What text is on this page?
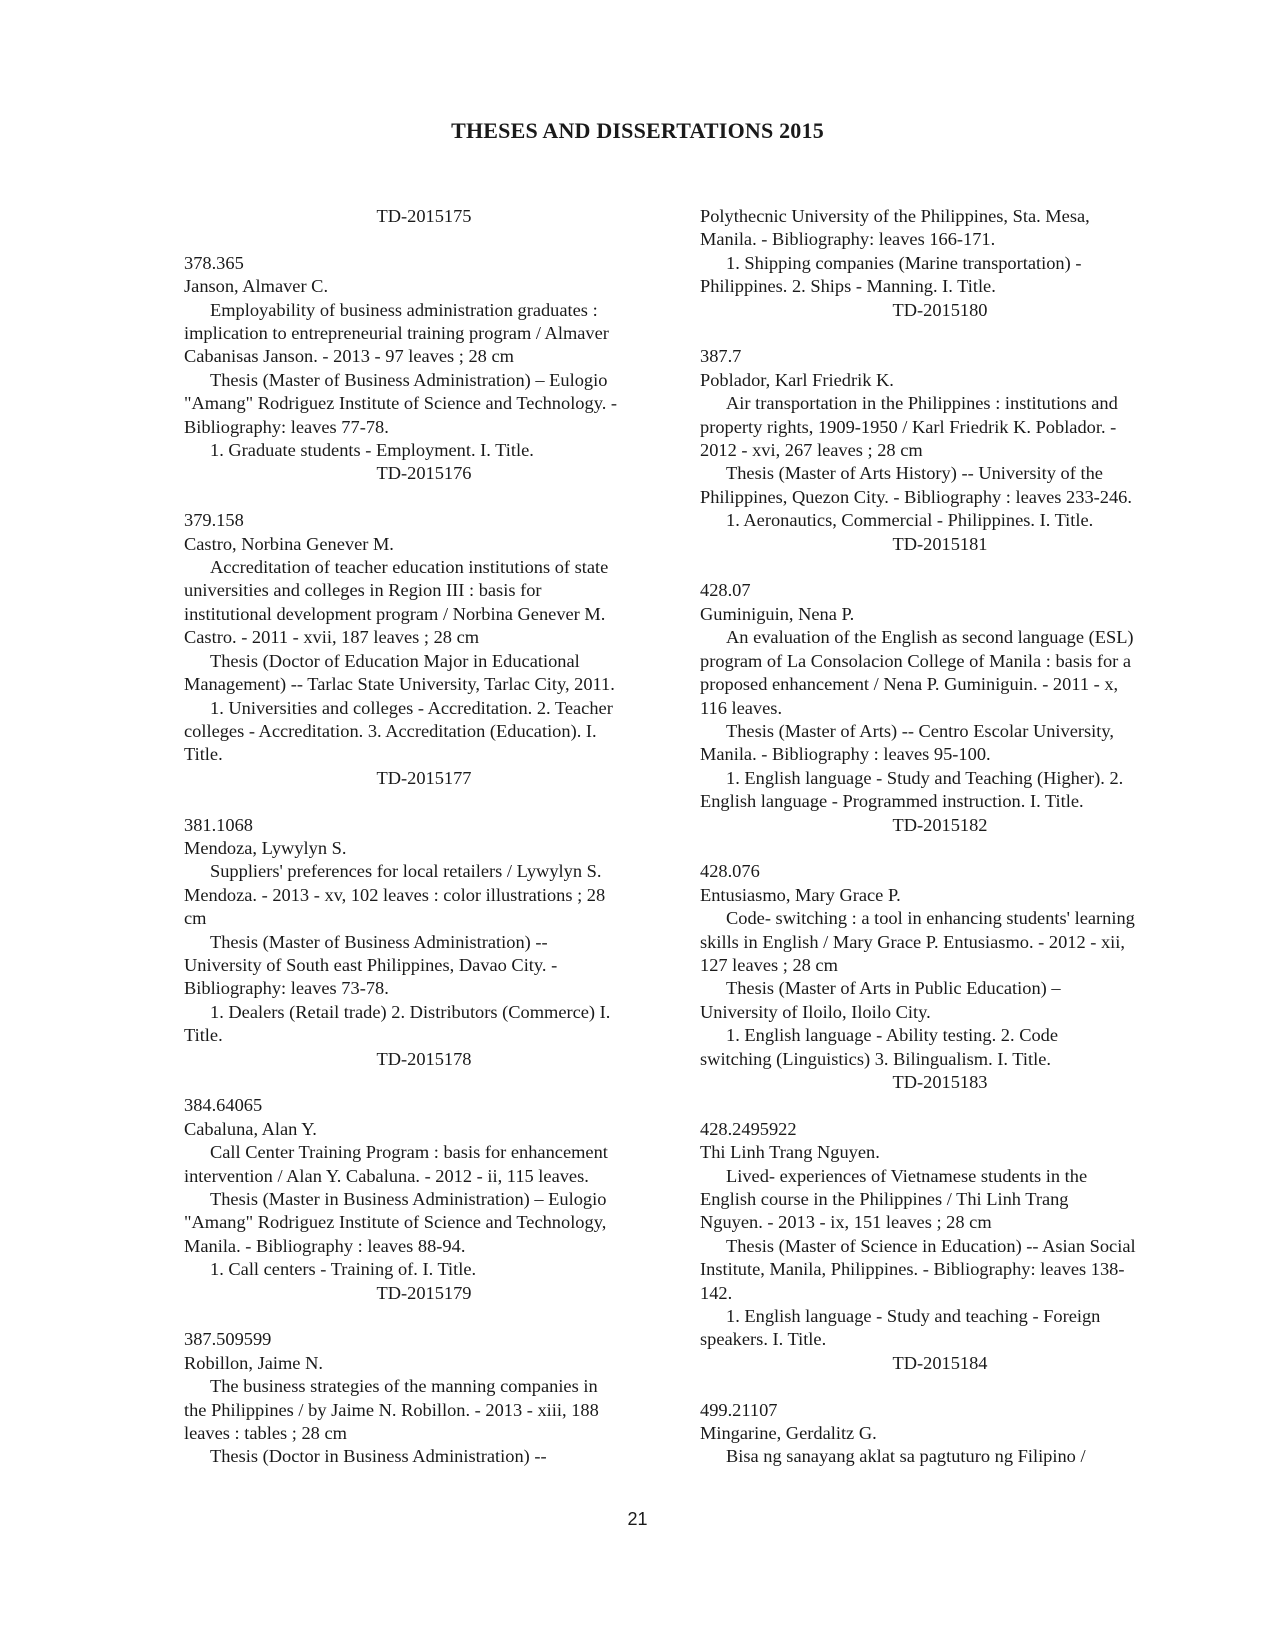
THESES AND DISSERTATIONS 2015
TD-2015175
378.365
Janson, Almaver C.
Employability of business administration graduates :
implication to entrepreneurial training program / Almaver
Cabanisas Janson. - 2013 - 97 leaves ; 28 cm
Thesis (Master of Business Administration) – Eulogio
"Amang" Rodriguez Institute of Science and Technology. -
Bibliography: leaves 77-78.
1. Graduate students - Employment. I. Title.
TD-2015176
379.158
Castro, Norbina Genever M.
Accreditation of teacher education institutions of state
universities and colleges in Region III : basis for
institutional development program / Norbina Genever M.
Castro. - 2011 - xvii, 187 leaves ; 28 cm
Thesis (Doctor of Education Major in Educational
Management) -- Tarlac State University, Tarlac City, 2011.
1. Universities and colleges - Accreditation. 2. Teacher
colleges - Accreditation. 3. Accreditation (Education). I.
Title.
TD-2015177
381.1068
Mendoza, Lywylyn S.
Suppliers' preferences for local retailers / Lywylyn S.
Mendoza. - 2013 - xv, 102 leaves : color illustrations ; 28
cm
Thesis (Master of Business Administration) --
University of South east Philippines, Davao City. -
Bibliography: leaves 73-78.
1. Dealers (Retail trade) 2. Distributors (Commerce) I.
Title.
TD-2015178
384.64065
Cabaluna, Alan Y.
Call Center Training Program : basis for enhancement
intervention / Alan Y. Cabaluna. - 2012 - ii, 115 leaves.
Thesis (Master in Business Administration) – Eulogio
"Amang" Rodriguez Institute of Science and Technology,
Manila. - Bibliography : leaves 88-94.
1. Call centers - Training of. I. Title.
TD-2015179
387.509599
Robillon, Jaime N.
The business strategies of the manning companies in
the Philippines / by Jaime N. Robillon. - 2013 - xiii, 188
leaves : tables ; 28 cm
Thesis (Doctor in Business Administration) --
Polythecnic University of the Philippines, Sta. Mesa,
Manila. - Bibliography: leaves 166-171.
1. Shipping companies (Marine transportation) -
Philippines. 2. Ships - Manning. I. Title.
TD-2015180
387.7
Poblador, Karl Friedrik K.
Air transportation in the Philippines : institutions and
property rights, 1909-1950 / Karl Friedrik K. Poblador. -
2012 - xvi, 267 leaves ; 28 cm
Thesis (Master of Arts History) -- University of the
Philippines, Quezon City. - Bibliography : leaves 233-246.
1. Aeronautics, Commercial - Philippines. I. Title.
TD-2015181
428.07
Guminiguin, Nena P.
An evaluation of the English as second language (ESL)
program of La Consolacion College of Manila : basis for a
proposed enhancement / Nena P. Guminiguin. - 2011 - x,
116 leaves.
Thesis (Master of Arts) -- Centro Escolar University,
Manila. - Bibliography : leaves 95-100.
1. English language - Study and Teaching (Higher). 2.
English language - Programmed instruction. I. Title.
TD-2015182
428.076
Entusiasmo, Mary Grace P.
Code- switching : a tool in enhancing students' learning
skills in English / Mary Grace P. Entusiasmo. - 2012 - xii,
127 leaves ; 28 cm
Thesis (Master of Arts in Public Education) –
University of Iloilo, Iloilo City.
1. English language - Ability testing. 2. Code
switching (Linguistics) 3. Bilingualism. I. Title.
TD-2015183
428.2495922
Thi Linh Trang Nguyen.
Lived- experiences of Vietnamese students in the
English course in the Philippines / Thi Linh Trang
Nguyen. - 2013 - ix, 151 leaves ; 28 cm
Thesis (Master of Science in Education) -- Asian Social
Institute, Manila, Philippines. - Bibliography: leaves 138-
142.
1. English language - Study and teaching - Foreign
speakers. I. Title.
TD-2015184
499.21107
Mingarine, Gerdalitz G.
Bisa ng sanayang aklat sa pagtuturo ng Filipino /
21
